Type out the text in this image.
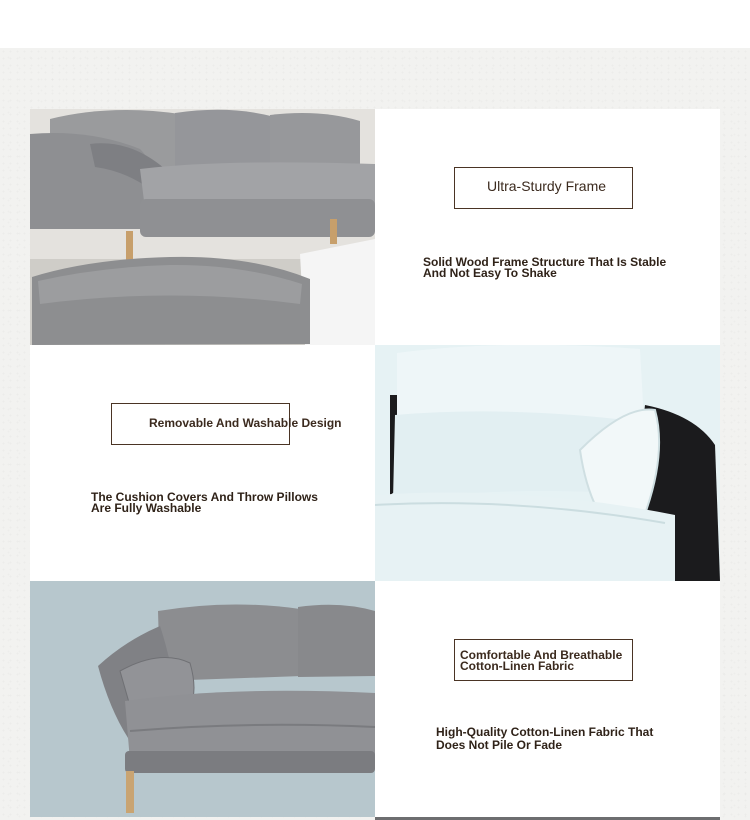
Ultra-Sturdy Frame
Solid Wood Frame Structure That Is Stable
And Not Easy To Shake
Removable And Washable Design
The Cushion Covers And Throw Pillows
Are Fully Washable
Comfortable And Breathable
Cotton-Linen Fabric
High-Quality Cotton-Linen Fabric That
Does Not Pile Or Fade
